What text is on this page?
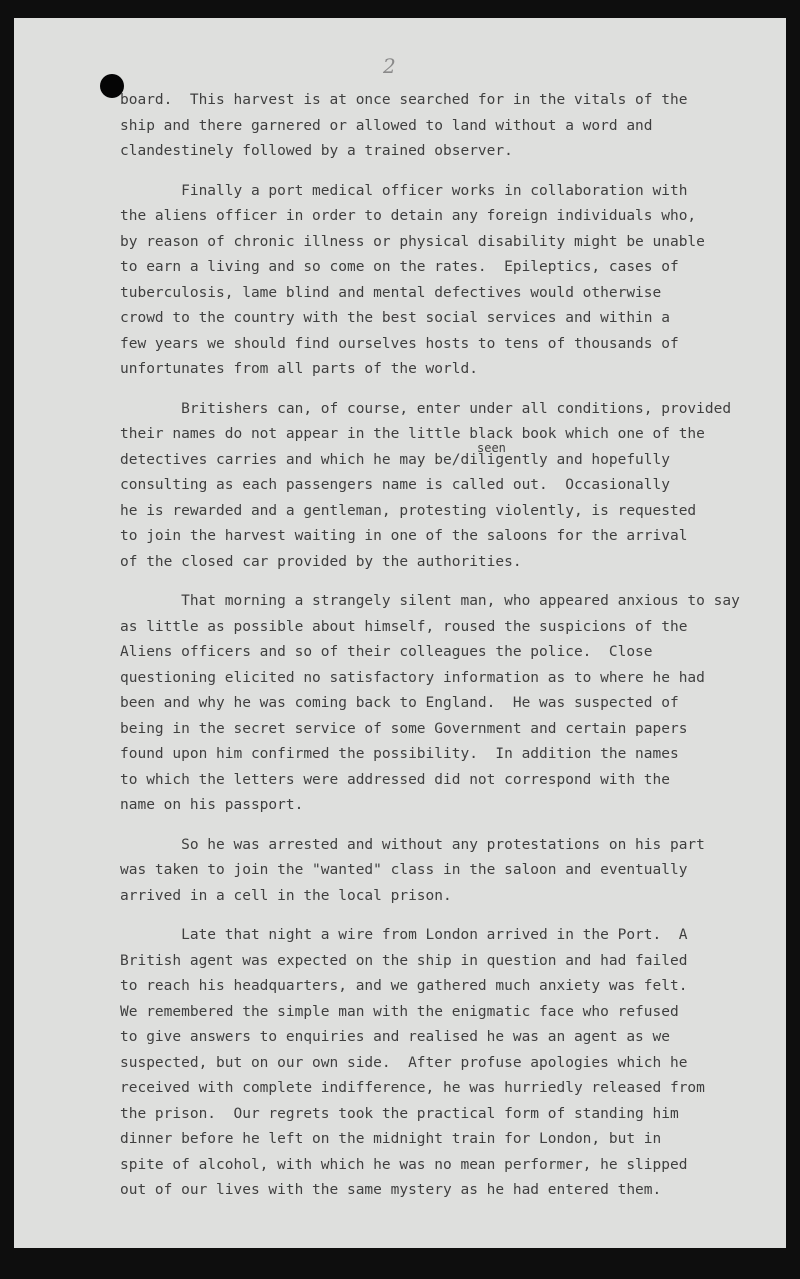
2
board.  This harvest is at once searched for in the vitals of the
ship and there garnered or allowed to land without a word and
clandestinely followed by a trained observer.
Finally a port medical officer works in collaboration with
the aliens officer in order to detain any foreign individuals who,
by reason of chronic illness or physical disability might be unable
to earn a living and so come on the rates.  Epileptics, cases of
tuberculosis, lame blind and mental defectives would otherwise
crowd to the country with the best social services and within a
few years we should find ourselves hosts to tens of thousands of
unfortunates from all parts of the world.
Britishers can, of course, enter under all conditions, provided
their names do not appear in the little black book which one of the
seen
detectives carries and which he may be/diligently and hopefully
consulting as each passengers name is called out.  Occasionally
he is rewarded and a gentleman, protesting violently, is requested
to join the harvest waiting in one of the saloons for the arrival
of the closed car provided by the authorities.
That morning a strangely silent man, who appeared anxious to say
as little as possible about himself, roused the suspicions of the
Aliens officers and so of their colleagues the police.  Close
questioning elicited no satisfactory information as to where he had
been and why he was coming back to England.  He was suspected of
being in the secret service of some Government and certain papers
found upon him confirmed the possibility.  In addition the names
to which the letters were addressed did not correspond with the
name on his passport.
So he was arrested and without any protestations on his part
was taken to join the "wanted" class in the saloon and eventually
arrived in a cell in the local prison.
Late that night a wire from London arrived in the Port.  A
British agent was expected on the ship in question and had failed
to reach his headquarters, and we gathered much anxiety was felt.
We remembered the simple man with the enigmatic face who refused
to give answers to enquiries and realised he was an agent as we
suspected, but on our own side.  After profuse apologies which he
received with complete indifference, he was hurriedly released from
the prison.  Our regrets took the practical form of standing him
dinner before he left on the midnight train for London, but in
spite of alcohol, with which he was no mean performer, he slipped
out of our lives with the same mystery as he had entered them.
